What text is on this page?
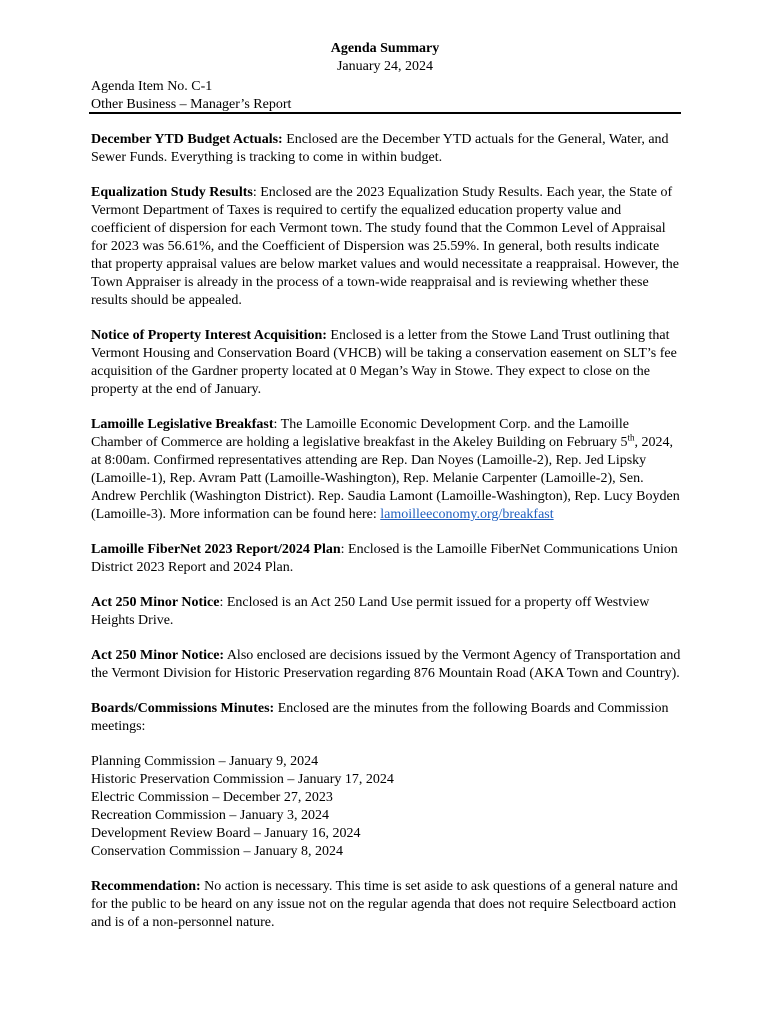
Agenda Summary
January 24, 2024
Agenda Item No. C-1
Other Business – Manager’s Report

December YTD Budget Actuals: Enclosed are the December YTD actuals for the General, Water, and Sewer Funds. Everything is tracking to come in within budget.

Equalization Study Results: Enclosed are the 2023 Equalization Study Results. Each year, the State of Vermont Department of Taxes is required to certify the equalized education property value and coefficient of dispersion for each Vermont town. The study found that the Common Level of Appraisal for 2023 was 56.61%, and the Coefficient of Dispersion was 25.59%. In general, both results indicate that property appraisal values are below market values and would necessitate a reappraisal. However, the Town Appraiser is already in the process of a town-wide reappraisal and is reviewing whether these results should be appealed.

Notice of Property Interest Acquisition: Enclosed is a letter from the Stowe Land Trust outlining that Vermont Housing and Conservation Board (VHCB) will be taking a conservation easement on SLT’s fee acquisition of the Gardner property located at 0 Megan’s Way in Stowe. They expect to close on the property at the end of January.

Lamoille Legislative Breakfast: The Lamoille Economic Development Corp. and the Lamoille Chamber of Commerce are holding a legislative breakfast in the Akeley Building on February 5th, 2024, at 8:00am. Confirmed representatives attending are Rep. Dan Noyes (Lamoille-2), Rep. Jed Lipsky (Lamoille-1), Rep. Avram Patt (Lamoille-Washington), Rep. Melanie Carpenter (Lamoille-2), Sen. Andrew Perchlik (Washington District). Rep. Saudia Lamont (Lamoille-Washington), Rep. Lucy Boyden (Lamoille-3). More information can be found here: lamoilleeconomy.org/breakfast

Lamoille FiberNet 2023 Report/2024 Plan: Enclosed is the Lamoille FiberNet Communications Union District 2023 Report and 2024 Plan.

Act 250 Minor Notice: Enclosed is an Act 250 Land Use permit issued for a property off Westview Heights Drive.

Act 250 Minor Notice: Also enclosed are decisions issued by the Vermont Agency of Transportation and the Vermont Division for Historic Preservation regarding 876 Mountain Road (AKA Town and Country).

Boards/Commissions Minutes: Enclosed are the minutes from the following Boards and Commission meetings:

Planning Commission – January 9, 2024
Historic Preservation Commission – January 17, 2024
Electric Commission – December 27, 2023
Recreation Commission – January 3, 2024
Development Review Board – January 16, 2024
Conservation Commission – January 8, 2024

Recommendation: No action is necessary. This time is set aside to ask questions of a general nature and for the public to be heard on any issue not on the regular agenda that does not require Selectboard action and is of a non-personnel nature.
